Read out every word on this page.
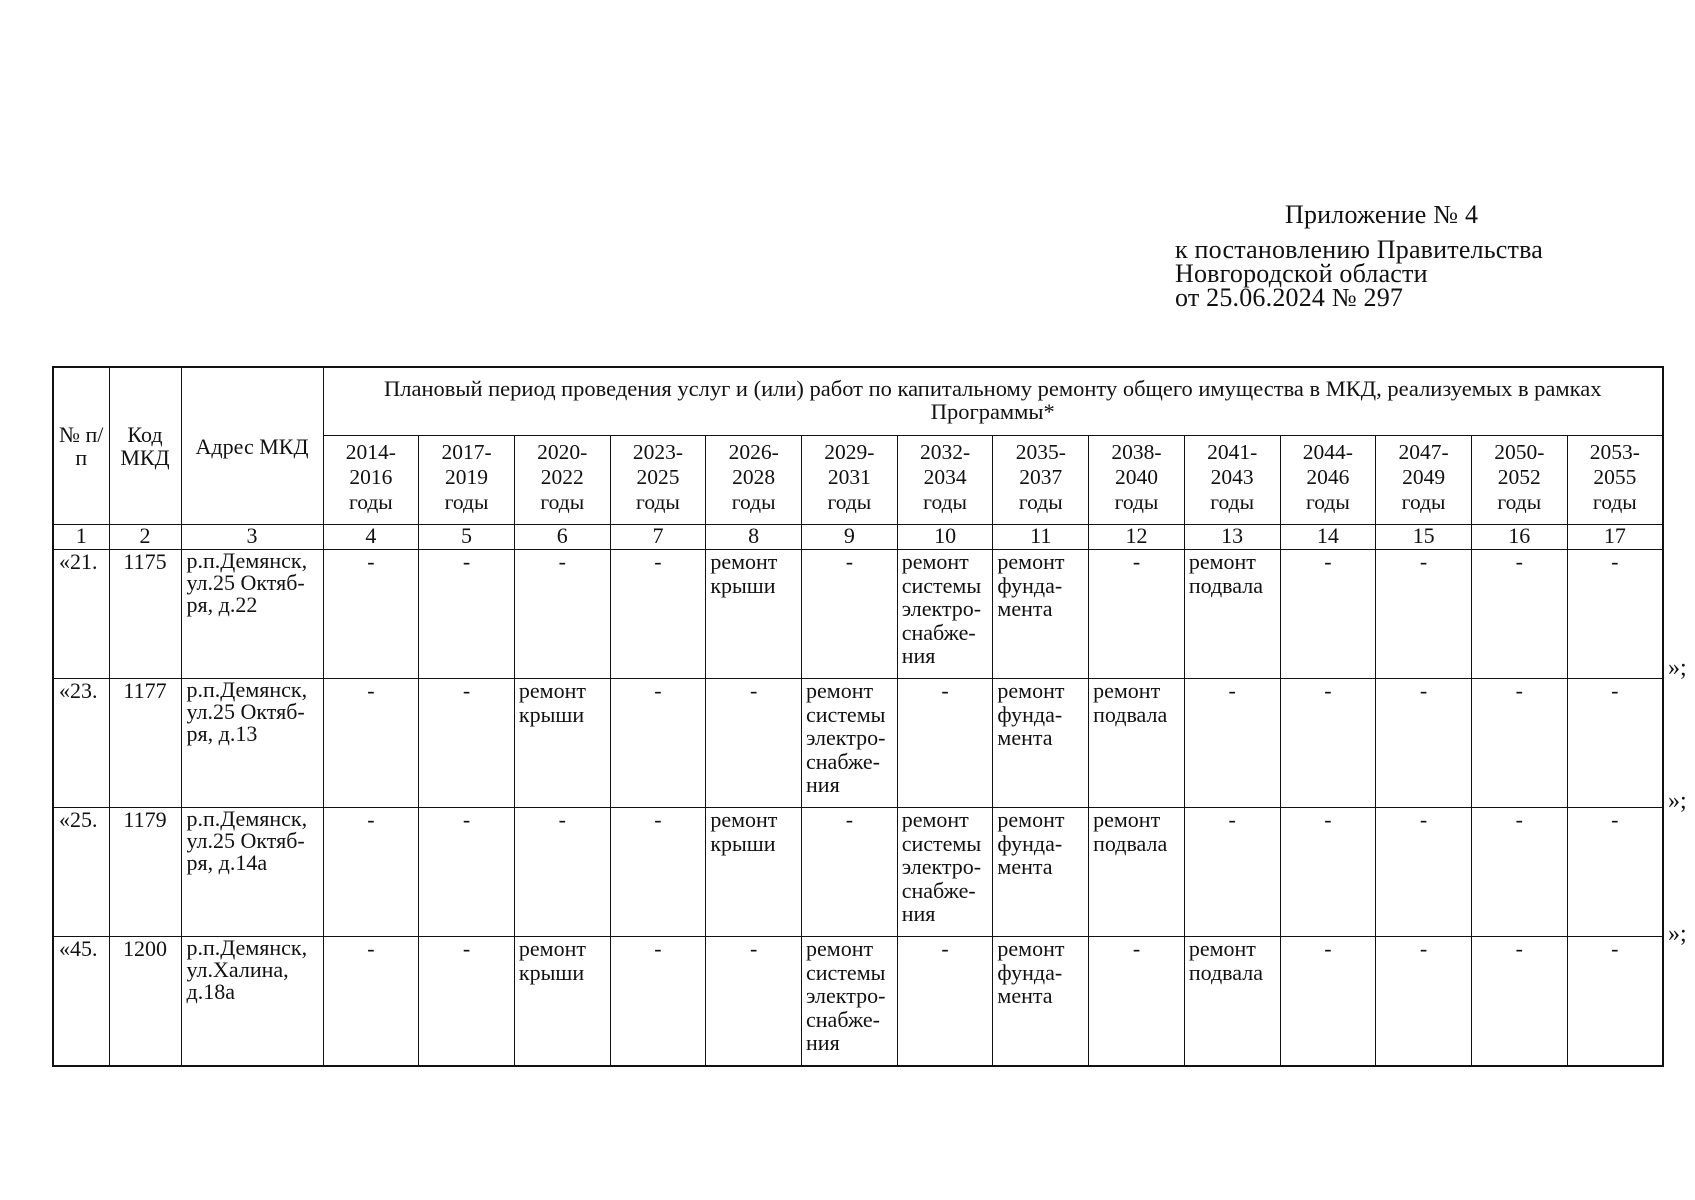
Приложение № 4
к постановлению Правительства
Новгородской области
от 25.06.2024 № 297
№ п/п	Код МКД	Адрес МКД	Плановый период проведения услуг и (или) работ по капитальному ремонту общего имущества в МКД, реализуемых в рамках Программы*													
			2014-2016 годы	2017-2019 годы	2020-2022 годы	2023-2025 годы	2026-2028 годы	2029-2031 годы	2032-2034 годы	2035-2037 годы	2038-2040 годы	2041-2043 годы	2044-2046 годы	2047-2049 годы	2050-2052 годы	2053-2055 годы
1	2	3	4	5	6	7	8	9	10	11	12	13	14	15	16	17
«21.	1175	р.п.Демянск, ул.25 Октяб-ря, д.22	-	-	-	-	ремонт крыши	-	ремонт системы электро-снабже-ния	ремонт фунда-мента	-	ремонт подвала	-	-	-	-
«23.	1177	р.п.Демянск, ул.25 Октяб-ря, д.13	-	-	ремонт крыши	-	-	ремонт системы электро-снабже-ния	-	ремонт фунда-мента	ремонт подвала	-	-	-	-	-
«25.	1179	р.п.Демянск, ул.25 Октяб-ря, д.14а	-	-	-	-	ремонт крыши	-	ремонт системы электро-снабже-ния	ремонт фунда-мента	ремонт подвала	-	-	-	-	-
«45.	1200	р.п.Демянск, ул.Халина, д.18а	-	-	ремонт крыши	-	-	ремонт системы электро-снабже-ния	-	ремонт фунда-мента	-	ремонт подвала	-	-	-	-
»;
»;
»;
